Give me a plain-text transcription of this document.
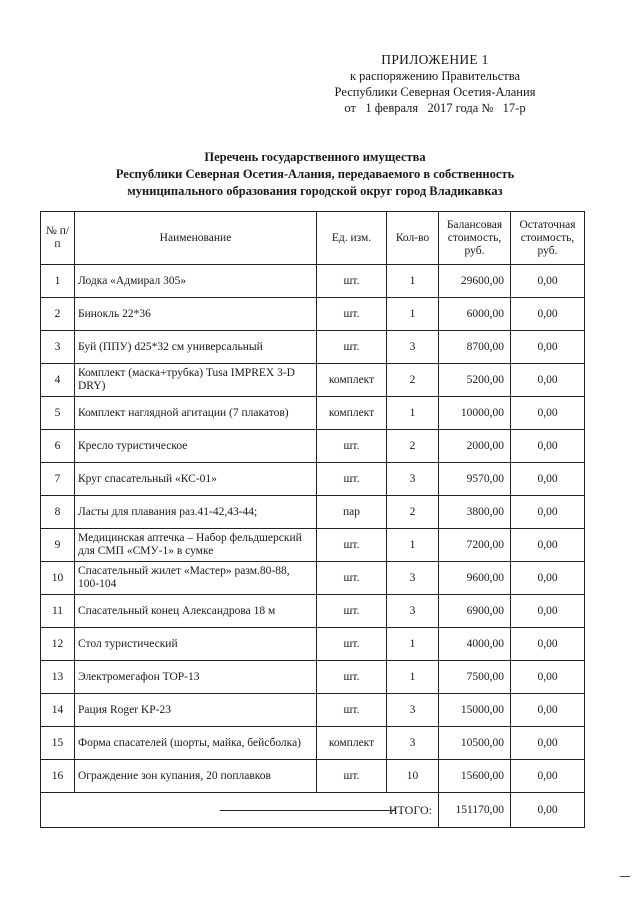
ПРИЛОЖЕНИЕ 1
к распоряжению Правительства
Республики Северная Осетия-Алания
от   1 февраля   2017 года №   17-р
Перечень государственного имущества
Республики Северная Осетия-Алания, передаваемого в собственность
муниципального образования городской округ город Владикавказ
№ п/п	Наименование	Ед. изм.	Кол-во	Балансовая стоимость, руб.	Остаточная стоимость, руб.
1	Лодка «Адмирал 305»	шт.	1	29600,00	0,00
2	Бинокль 22*36	шт.	1	6000,00	0,00
3	Буй (ППУ) d25*32 см универсальный	шт.	3	8700,00	0,00
4	Комплект (маска+трубка) Tusa IMPREX 3-D DRY)	комплект	2	5200,00	0,00
5	Комплект наглядной агитации (7 плакатов)	комплект	1	10000,00	0,00
6	Кресло туристическое	шт.	2	2000,00	0,00
7	Круг спасательный «КС-01»	шт.	3	9570,00	0,00
8	Ласты для плавания раз.41-42,43-44;	пар	2	3800,00	0,00
9	Медицинская аптечка – Набор фельдшерский для СМП «СМУ-1» в сумке	шт.	1	7200,00	0,00
10	Спасательный жилет «Мастер» разм.80-88, 100-104	шт.	3	9600,00	0,00
11	Спасательный конец Александрова 18 м	шт.	3	6900,00	0,00
12	Стол туристический	шт.	1	4000,00	0,00
13	Электромегафон ТОР-13	шт.	1	7500,00	0,00
14	Рация Roger KP-23	шт.	3	15000,00	0,00
15	Форма спасателей (шорты, майка, бейсболка)	комплект	3	10500,00	0,00
16	Ограждение зон купания, 20 поплавков	шт.	10	15600,00	0,00
ИТОГО:				151170,00	0,00
